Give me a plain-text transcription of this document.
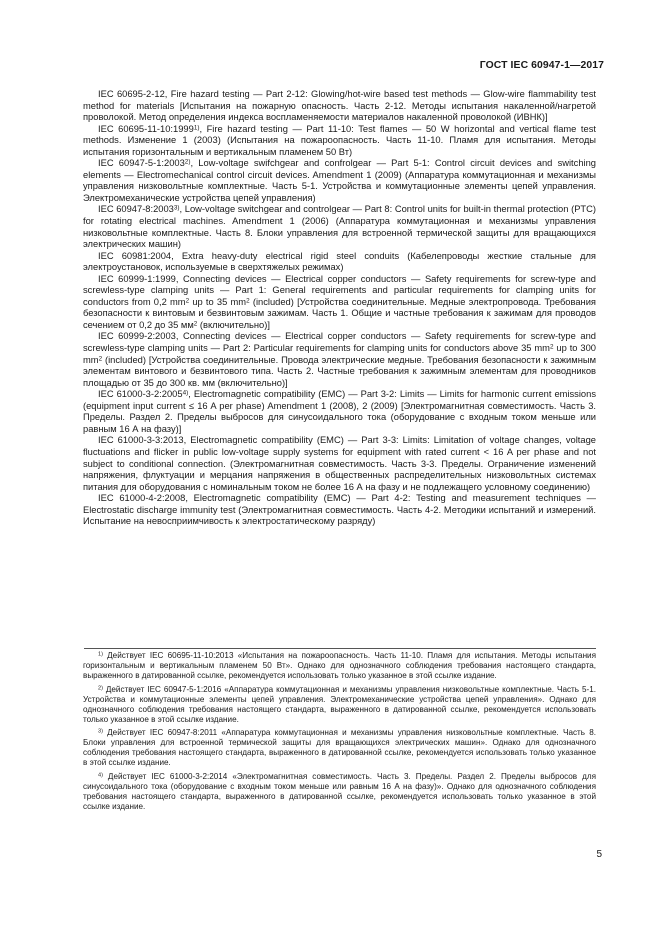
ГОСТ IEC 60947-1—2017

IEC 60695-2-12, Fire hazard testing — Part 2-12: Glowing/hot-wire based test methods — Glow-wire flammability test method for materials [Испытания на пожарную опасность. Часть 2-12. Методы испытания накаленной/нагретой проволокой. Метод определения индекса воспламеняемости материалов накаленной проволокой (ИВНК)]

IEC 60695-11-10:1999$^{1)}$, Fire hazard testing — Part 11-10: Test flames — 50 W horizontal and vertical flame test methods. Изменение 1 (2003) (Испытания на пожароопасность. Часть 11-10. Пламя для испытания. Методы испытания горизонтальным и вертикальным пламенем 50 Вт)

IEC 60947-5-1:2003$^{2)}$, Low-voltage swifchgear and confrolgear — Part 5-1: Control circuit devices and switching elements — Electromechanical control circuit devices. Amendment 1 (2009) (Аппаратура коммутационная и механизмы управления низковольтные комплектные. Часть 5-1. Устройства и коммутационные элементы цепей управления. Электромеханические устройства цепей управления)

IEC 60947-8:2003$^{3)}$, Low-voltage switchgear and controlgear — Part 8: Control units for built-in thermal protection (PTC) for rotating electrical machines. Amendment 1 (2006) (Аппаратура коммутационная и механизмы управления низковольтные комплектные. Часть 8. Блоки управления для встроенной термической защиты для вращающихся электрических машин)

IEC 60981:2004, Extra heavy-duty electrical rigid steel conduits (Кабелепроводы жесткие стальные для электроустановок, используемые в сверхтяжелых режимах)

IEC 60999-1:1999, Connecting devices — Electrical copper conductors — Safety requirements for screw-type and screwless-type clamping units — Part 1: General requirements and particular requirements for clamping units for conductors from 0,2 $mm^2$ up to 35 $mm^2$ (included) [Устройства соединительные. Медные электропровода. Требования безопасности к винтовым и безвинтовым зажимам. Часть 1. Общие и частные требования к зажимам для проводов сечением от 0,2 до 35 $мм^2$ (включительно)]

IEC 60999-2:2003, Connecting devices — Electrical copper conductors — Safety requirements for screw-type and screwless-type clamping units — Part 2: Particular requirements for clamping units for conductors above 35 $mm^2$ up to 300 $mm^2$ (included) [Устройства соединительные. Провода электрические медные. Требования безопасности к зажимным элементам винтового и безвинтового типа. Часть 2. Частные требования к зажимным элементам для проводников площадью от 35 до 300 кв. мм (включительно)]

IEC 61000-3-2:2005$^{4)}$, Electromagnetic compatibility (EMC) — Part 3-2: Limits — Limits for harmonic current emissions (equipment input current ≤ 16 A per phase) Amendment 1 (2008), 2 (2009) [Электромагнитная совместимость. Часть 3. Пределы. Раздел 2. Пределы выбросов для синусоидального тока (оборудование с входным током меньше или равным 16 А на фазу)]

IEC 61000-3-3:2013, Electromagnetic compatibility (EMC) — Part 3-3: Limits: Limitation of voltage changes, voltage fluctuations and flicker in public low-voltage supply systems for equipment with rated current < 16 A per phase and not subject to conditional connection. (Электромагнитная совместимость. Часть 3-3. Пределы. Ограничение изменений напряжения, флуктуации и мерцания напряжения в общественных распределительных низковольтных системах питания для оборудования с номинальным током не более 16 А на фазу и не подлежащего условному соединению)

IEC 61000-4-2:2008, Electromagnetic compatibility (EMC) — Part 4-2: Testing and measurement techniques — Electrostatic discharge immunity test (Электромагнитная совместимость. Часть 4-2. Методики испытаний и измерений. Испытание на невосприимчивость к электростатическому разряду)

$^{1)}$ Действует IEC 60695-11-10:2013 «Испытания на пожароопасность. Часть 11-10. Пламя для испытания. Методы испытания горизонтальным и вертикальным пламенем 50 Вт». Однако для однозначного соблюдения требования настоящего стандарта, выраженного в датированной ссылке, рекомендуется использовать только указанное в этой ссылке издание.

$^{2)}$ Действует IEC 60947-5-1:2016 «Аппаратура коммутационная и механизмы управления низковольтные комплектные. Часть 5-1. Устройства и коммутационные элементы цепей управления. Электромеханические устройства цепей управления». Однако для однозначного соблюдения требования настоящего стандарта, выраженного в датированной ссылке, рекомендуется использовать только указанное в этой ссылке издание.

$^{3)}$ Действует IEC 60947-8:2011 «Аппаратура коммутационная и механизмы управления низковольтные комплектные. Часть 8. Блоки управления для встроенной термической защиты для вращающихся электрических машин». Однако для однозначного соблюдения требования настоящего стандарта, выраженного в датированной ссылке, рекомендуется использовать только указанное в этой ссылке издание.

$^{4)}$ Действует IEC 61000-3-2:2014 «Электромагнитная совместимость. Часть 3. Пределы. Раздел 2. Пределы выбросов для синусоидального тока (оборудование с входным током меньше или равным 16 А на фазу)». Однако для однозначного соблюдения требования настоящего стандарта, выраженного в датированной ссылке, рекомендуется использовать только указанное в этой ссылке издание.

5
